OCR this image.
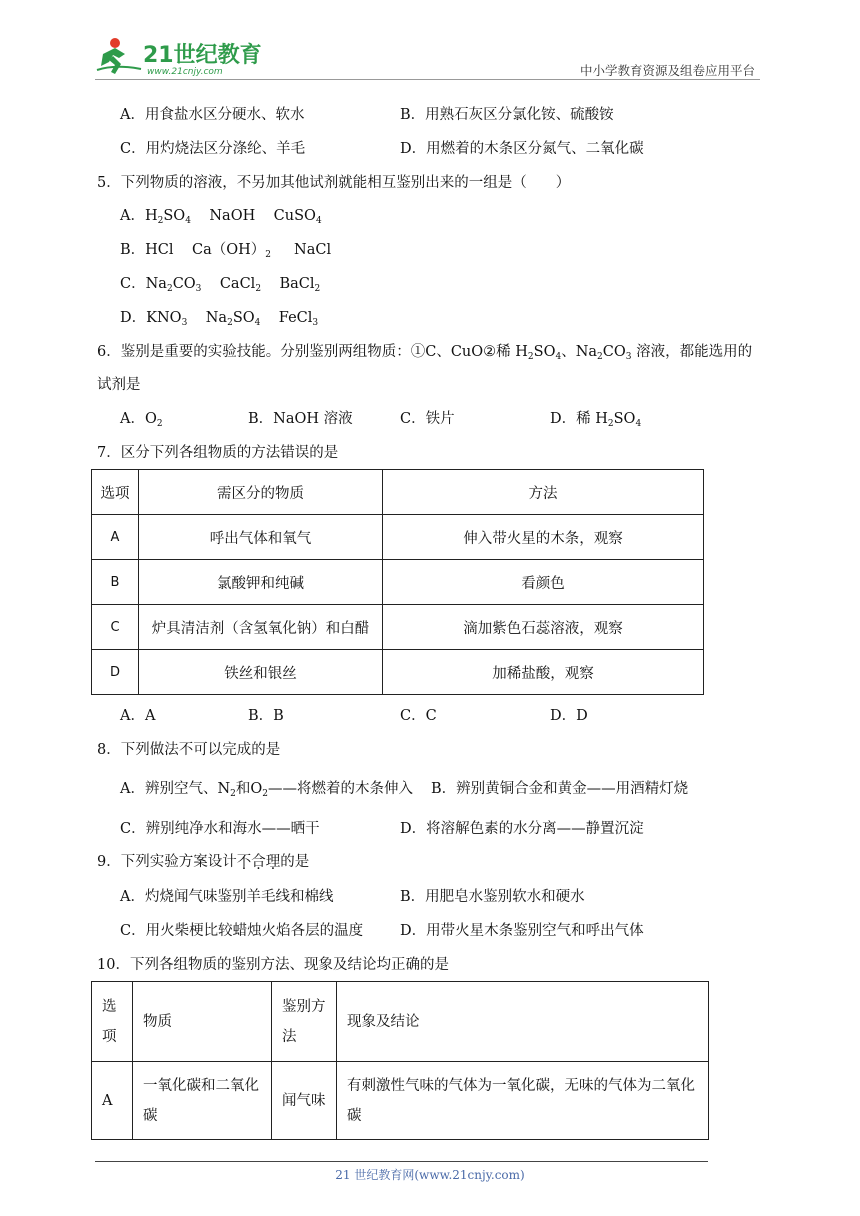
21世纪教育
www.21cnjy.com	中小学教育资源及组卷应用平台
A．用食盐水区分硬水、软水	B．用熟石灰区分氯化铵、硫酸铵
C．用灼烧法区分涤纶、羊毛	D．用燃着的木条区分氮气、二氧化碳
5．下列物质的溶液，不另加其他试剂就能相互鉴别出来的一组是（　　）
A．$H_2SO_4$    NaOH    CuSO$_4$
B．HCl    $Ca(OH)_2$     NaCl
C．$Na_2CO_3$    CaCl$_2$    BaCl$_2$
D．$KNO_3$    $Na_2SO_4$    FeCl$_3$
6．鉴别是重要的实验技能。分别鉴别两组物质：①C、CuO②稀 $H_2SO_4$、$Na_2CO_3$ 溶液，都能选用的
试剂是
A．$O_2$	B．NaOH 溶液	C．铁片	D．稀 $H_2SO_4$
7．区分下列各组物质的方法错误的是
选项	需区分的物质	方法
A	呼出气体和氧气	伸入带火星的木条，观察
B	氯酸钾和纯碱	看颜色
C	炉具清洁剂（含氢氧化钠）和白醋	滴加紫色石蕊溶液，观察
D	铁丝和银丝	加稀盐酸，观察
A．A	B．B	C．C	D．D
8．下列做法不可以完成的是
A．辨别空气、$N_2$和$O_2——$将燃着的木条伸入 B．辨别黄铜合金和黄金——用酒精灯烧
C．辨别纯净水和海水——晒干	D．将溶解色素的水分离——静置沉淀
9．下列实验方案设计不合理的是
A．灼烧闻气味鉴别羊毛线和棉线	B．用肥皂水鉴别软水和硬水
C．用火柴梗比较蜡烛火焰各层的温度	D．用带火星木条鉴别空气和呼出气体
10．下列各组物质的鉴别方法、现象及结论均正确的是
选项	物质	鉴别方法	现象及结论
A	一氧化碳和二氧化碳	闻气味	有刺激性气味的气体为一氧化碳，无味的气体为二氧化碳
21 世纪教育网(www.21cnjy.com)
